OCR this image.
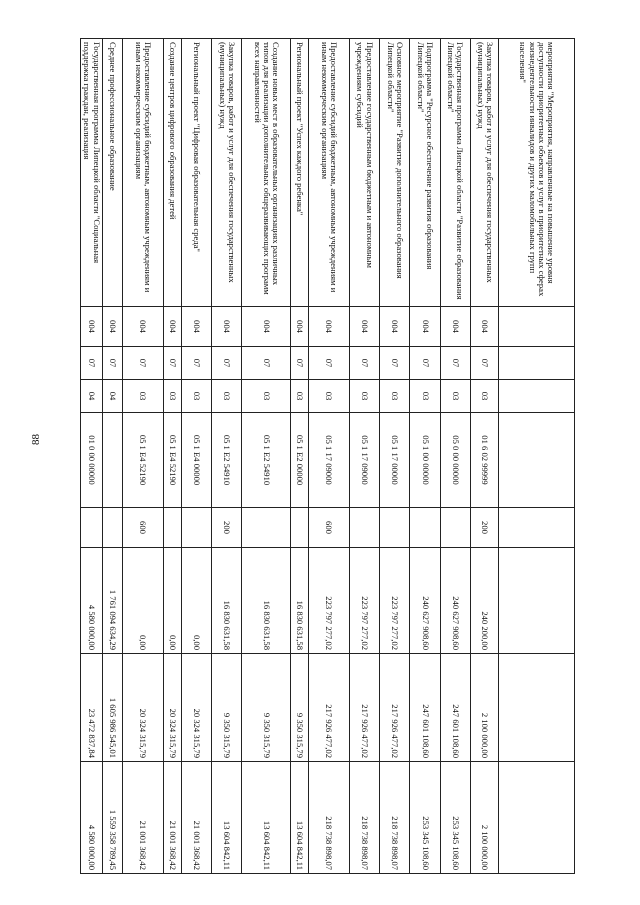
88
мероприятия "Мероприятия, направленные на повышение уровня доступности приоритетных объектов и услуг в приоритетных сферах жизнедеятельности инвалидов и других маломобильных групп населения"								
Закупка товаров, работ и услуг для обеспечения государственных (муниципальных) нужд	004	07	03	01 6 02 99999	200	240 200,00	2 100 000,00	2 100 000,00
Государственная программа Липецкой области "Развитие образования Липецкой области"	004	07	03	05 0 00 00000		240 627 908,60	247 601 108,60	253 345 108,60
Подпрограмма "Ресурсное обеспечение развития образования Липецкой области"	004	07	03	05 1 00 00000		240 627 908,60	247 601 108,60	253 345 108,60
Основное мероприятие "Развитие дополнительного образования Липецкой области"	004	07	03	05 1 17 00000		223 797 277,02	217 926 477,02	218 738 898,07
Предоставление государственным бюджетным и автономным учреждениям субсидий	004	07	03	05 1 17 09000		223 797 277,02	217 926 477,02	218 738 898,07
Предоставление субсидий бюджетным, автономным учреждениям и иным некоммерческим организациям	004	07	03	05 1 17 09000	600	223 797 277,02	217 926 477,02	218 738 898,07
Региональный проект "Успех каждого ребенка"	004	07	03	05 1 E2 00000		16 830 631,58	9 350 315,79	13 604 842,11
Создание новых мест в образовательных организациях различных типов для реализации дополнительных общеразвивающих программ всех направленностей	004	07	03	05 1 E2 54910		16 830 631,58	9 350 315,79	13 604 842,11
Закупка товаров, работ и услуг для обеспечения государственных (муниципальных) нужд	004	07	03	05 1 E2 54910	200	16 830 631,58	9 350 315,79	13 604 842,11
Региональный проект "Цифровая образовательная среда"	004	07	03	05 1 E4 00000		0,00	20 324 315,79	21 001 368,42
Создание центров цифрового образования детей	004	07	03	05 1 E4 52190		0,00	20 324 315,79	21 001 368,42
Предоставление субсидий бюджетным, автономным учреждениям и иным некоммерческим организациям	004	07	03	05 1 E4 52190	600	0,00	20 324 315,79	21 001 368,42
Среднее профессиональное образование	004	07	04			1 761 094 634,29	1 605 986 545,01	1 559 358 789,45
Государственная программа Липецкой области "Социальная поддержка граждан, реализация	004	07	04	01 0 00 00000		4 580 000,00	23 472 837,84	4 580 000,00
